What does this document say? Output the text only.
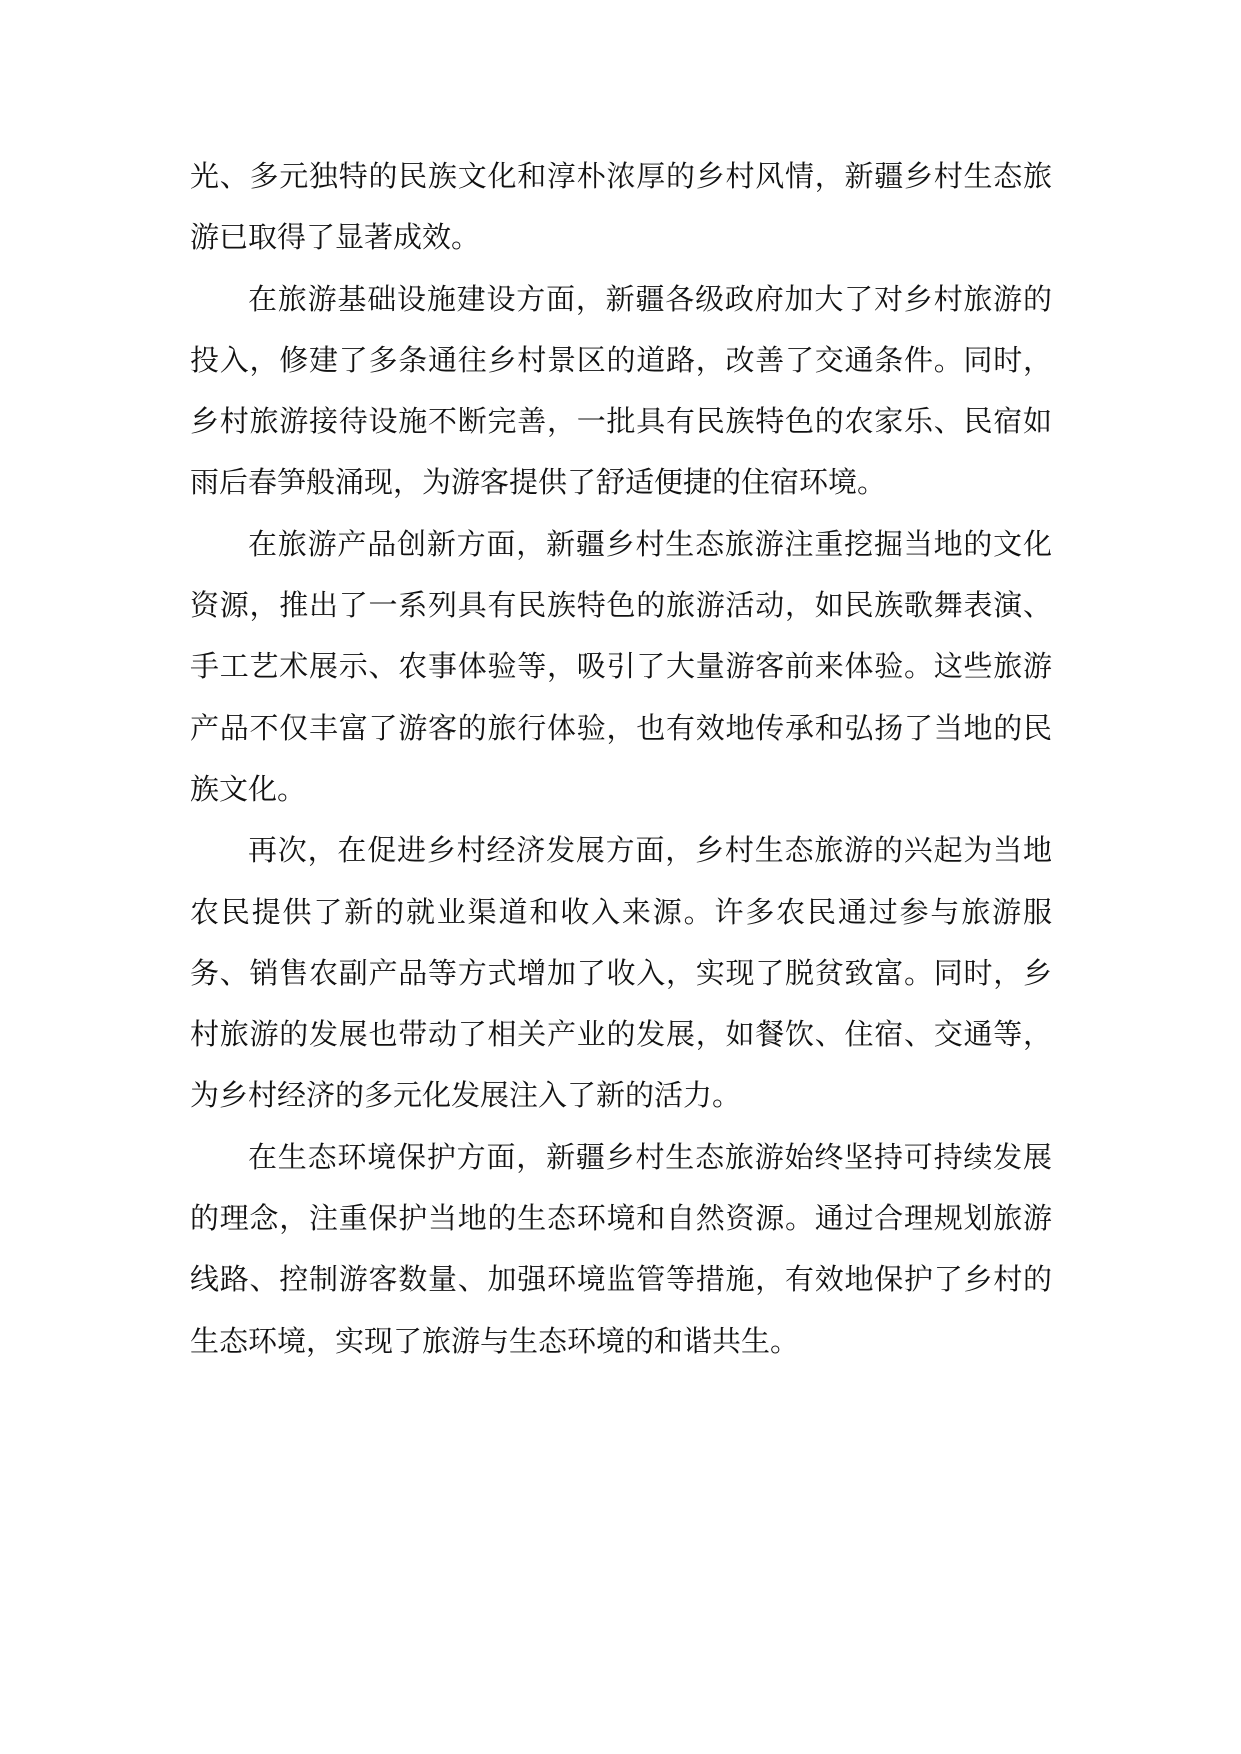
光、多元独特的民族文化和淳朴浓厚的乡村风情，新疆乡村生态旅游已取得了显著成效。

在旅游基础设施建设方面，新疆各级政府加大了对乡村旅游的投入，修建了多条通往乡村景区的道路，改善了交通条件。同时，乡村旅游接待设施不断完善，一批具有民族特色的农家乐、民宿如雨后春笋般涌现，为游客提供了舒适便捷的住宿环境。

在旅游产品创新方面，新疆乡村生态旅游注重挖掘当地的文化资源，推出了一系列具有民族特色的旅游活动，如民族歌舞表演、手工艺术展示、农事体验等，吸引了大量游客前来体验。这些旅游产品不仅丰富了游客的旅行体验，也有效地传承和弘扬了当地的民族文化。

再次，在促进乡村经济发展方面，乡村生态旅游的兴起为当地农民提供了新的就业渠道和收入来源。许多农民通过参与旅游服务、销售农副产品等方式增加了收入，实现了脱贫致富。同时，乡村旅游的发展也带动了相关产业的发展，如餐饮、住宿、交通等，为乡村经济的多元化发展注入了新的活力。

在生态环境保护方面，新疆乡村生态旅游始终坚持可持续发展的理念，注重保护当地的生态环境和自然资源。通过合理规划旅游线路、控制游客数量、加强环境监管等措施，有效地保护了乡村的生态环境，实现了旅游与生态环境的和谐共生。
